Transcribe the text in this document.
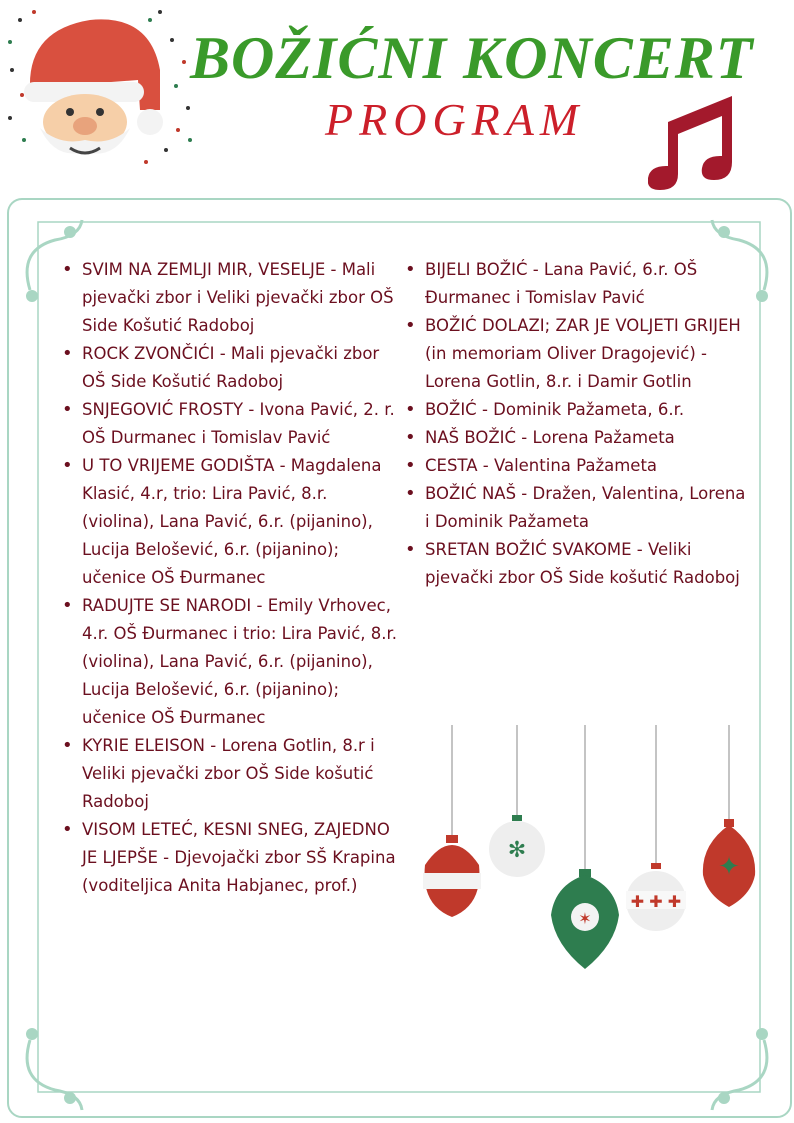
BOŽIĆNI KONCERT
PROGRAM
• SVIM NA ZEMLJI MIR, VESELJE - Mali pjevački zbor i Veliki pjevački zbor OŠ Side Košutić Radoboj
• ROCK ZVONČIĆI - Mali pjevački zbor OŠ Side Košutić Radoboj
• SNJEGOVIĆ FROSTY - Ivona Pavić, 2. r. OŠ Durmanec i Tomislav Pavić
• U TO VRIJEME GODIŠTA - Magdalena Klasić, 4.r, trio: Lira Pavić, 8.r. (violina), Lana Pavić, 6.r. (pijanino), Lucija Belošević, 6.r. (pijanino); učenice OŠ Đurmanec
• RADUJTE SE NARODI - Emily Vrhovec, 4.r. OŠ Đurmanec i trio: Lira Pavić, 8.r. (violina), Lana Pavić, 6.r. (pijanino), Lucija Belošević, 6.r. (pijanino); učenice OŠ Đurmanec
• KYRIE ELEISON - Lorena Gotlin, 8.r i Veliki pjevački zbor OŠ Side košutić Radoboj
• VISOM LETEĆ, KESNI SNEG, ZAJEDNO JE LJEPŠE - Djevojački zbor SŠ Krapina (voditeljica Anita Habjanec, prof.)
• BIJELI BOŽIĆ - Lana Pavić, 6.r. OŠ Đurmanec i Tomislav Pavić
• BOŽIĆ DOLAZI; ZAR JE VOLJETI GRIJEH (in memoriam Oliver Dragojević) - Lorena Gotlin, 8.r. i Damir Gotlin
• BOŽIĆ - Dominik Pažameta, 6.r.
• NAŠ BOŽIĆ - Lorena Pažameta
• CESTA - Valentina Pažameta
• BOŽIĆ NAŠ - Dražen, Valentina, Lorena i Dominik Pažameta
• SRETAN BOŽIĆ SVAKOME - Veliki pjevački zbor OŠ Side košutić Radoboj
✻
✶
✚ ✚ ✚
✦
